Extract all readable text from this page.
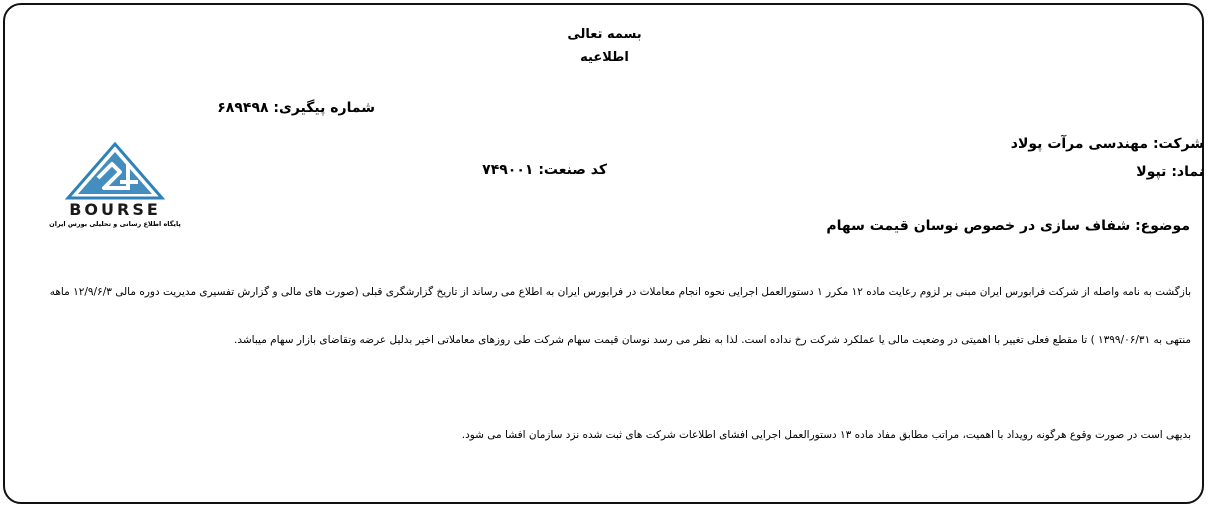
بسمه تعالی
اطلاعیه
شماره پیگیری: ۶۸۹۴۹۸
شرکت: مهندسی مرآت پولاد
نماد: تپولا
کد صنعت: ۷۴۹۰۰۱
موضوع: شفاف سازی در خصوص نوسان قیمت سهام
بازگشت به نامه واصله از شرکت فرابورس ایران مبنی بر لزوم رعایت ماده ۱۲ مکرر ۱ دستورالعمل اجرایی نحوه انجام معاملات در فرابورس ایران به اطلاع می رساند از تاریخ گزارشگری قبلی (صورت های مالی و گزارش تفسیری مدیریت دوره مالی ۱۲/۹/۶/۳ ماهه
منتهی به ۱۳۹۹/۰۶/۳۱ ) تا مقطع فعلی تغییر با اهمیتی در وضعیت مالی یا عملکرد شرکت رخ نداده است. لذا به نظر می رسد نوسان قیمت سهام شرکت طی روزهای معاملاتی اخیر بدلیل عرضه وتقاضای بازار سهام میباشد.
بدیهی است در صورت وقوع هرگونه رویداد با اهمیت، مراتب مطابق مفاد ماده ۱۳ دستورالعمل اجرایی افشای اطلاعات شرکت های ثبت شده نزد سازمان افشا می شود.
BOURSE
پایگاه اطلاع رسانی و تحلیلی بورس ایران
